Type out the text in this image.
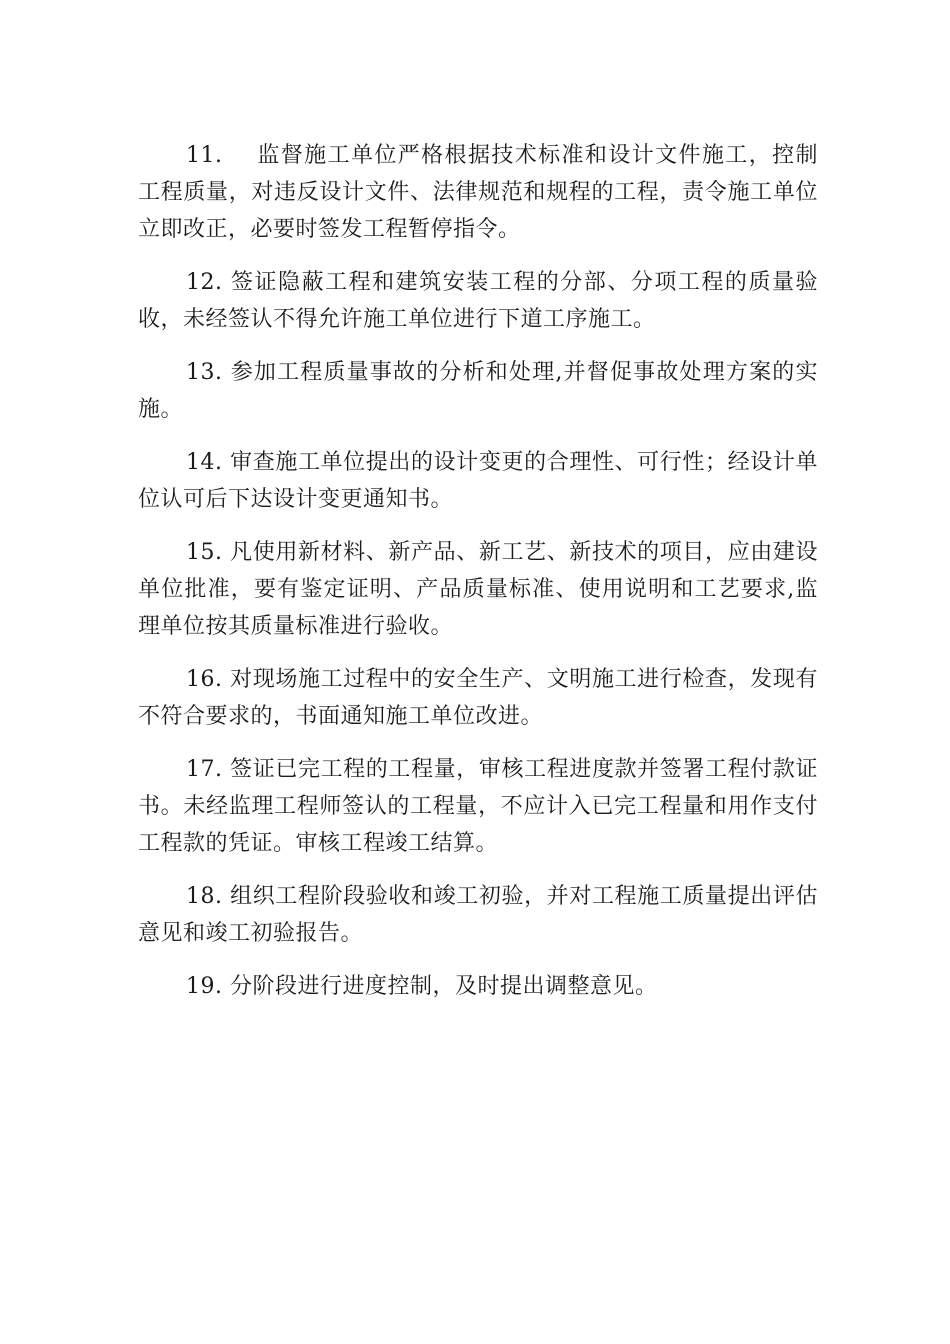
11. 监督施工单位严格根据技术标准和设计文件施工，控制工程质量，对违反设计文件、法律规范和规程的工程，责令施工单位立即改正，必要时签发工程暂停指令。

12. 签证隐蔽工程和建筑安装工程的分部、分项工程的质量验收，未经签认不得允许施工单位进行下道工序施工。

13. 参加工程质量事故的分析和处理,并督促事故处理方案的实施。

14. 审查施工单位提出的设计变更的合理性、可行性；经设计单位认可后下达设计变更通知书。

15. 凡使用新材料、新产品、新工艺、新技术的项目，应由建设单位批准，要有鉴定证明、产品质量标准、使用说明和工艺要求,监理单位按其质量标准进行验收。

16. 对现场施工过程中的安全生产、文明施工进行检查，发现有不符合要求的，书面通知施工单位改进。

17. 签证已完工程的工程量，审核工程进度款并签署工程付款证书。未经监理工程师签认的工程量，不应计入已完工程量和用作支付工程款的凭证。审核工程竣工结算。

18. 组织工程阶段验收和竣工初验，并对工程施工质量提出评估意见和竣工初验报告。

19. 分阶段进行进度控制，及时提出调整意见。
